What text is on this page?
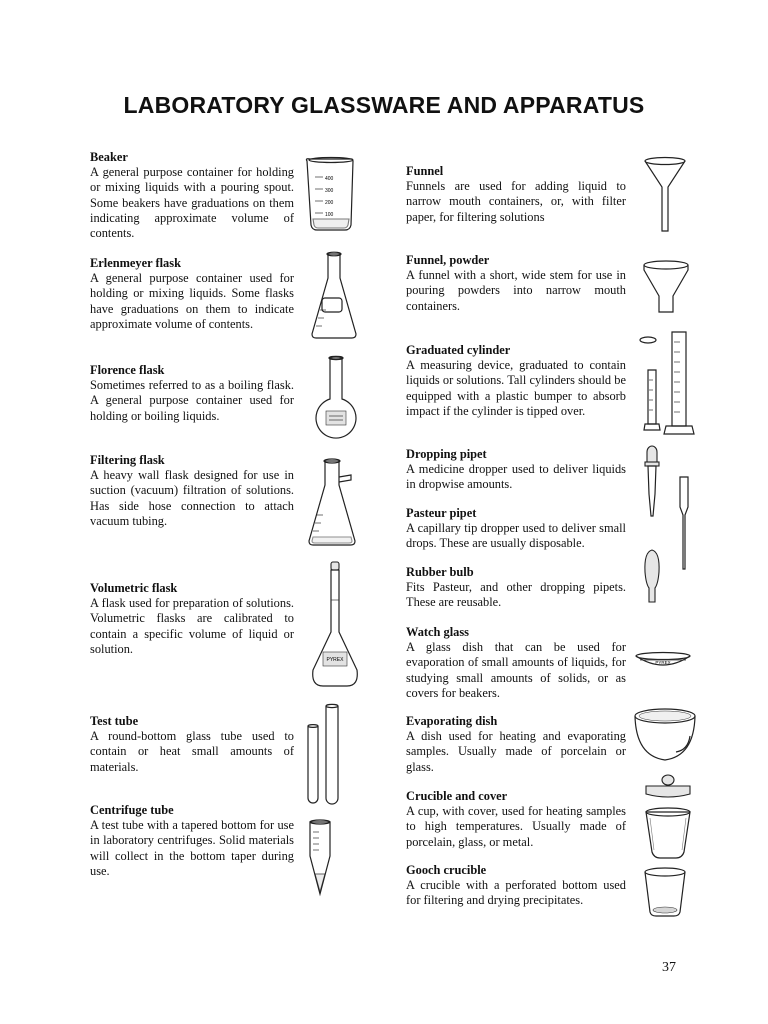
LABORATORY GLASSWARE AND APPARATUS
Beaker
A general purpose container for holding or mixing liquids with a pouring spout. Some beakers have graduations on them indicating approximate volume of contents.
Erlenmeyer flask
A general purpose container used for holding or mixing liquids. Some flasks have graduations on them to indicate approximate volume of contents.
Florence flask
Sometimes referred to as a boiling flask. A general purpose container used for holding or boiling liquids.
Filtering flask
A heavy wall flask designed for use in suction (vacuum) filtration of solutions. Has side hose connection to attach vacuum tubing.
Volumetric flask
A flask used for preparation of solutions. Volumetric flasks are calibrated to contain a specific volume of liquid or solution.
Test tube
A round-bottom glass tube used to contain or heat small amounts of materials.
Centrifuge tube
A test tube with a tapered bottom for use in laboratory centrifuges. Solid materials will collect in the bottom taper during use.
Funnel
Funnels are used for adding liquid to narrow mouth containers, or, with filter paper, for filtering solutions
Funnel, powder
A funnel with a short, wide stem for use in pouring powders into narrow mouth containers.
Graduated cylinder
A measuring device, graduated to contain liquids or solutions. Tall cylinders should be equipped with a plastic bumper to absorb impact if the cylinder is tipped over.
Dropping pipet
A medicine dropper used to deliver liquids in dropwise amounts.
Pasteur pipet
A capillary tip dropper used to deliver small drops. These are usually disposable.
Rubber bulb
Fits Pasteur, and other dropping pipets. These are reusable.
Watch glass
A glass dish that can be used for evaporation of small amounts of liquids, for studying small amounts of solids, or as covers for beakers.
Evaporating dish
A dish used for heating and evaporating samples. Usually made of porcelain or glass.
Crucible and cover
A cup, with cover, used for heating samples to high temperatures. Usually made of porcelain, glass, or metal.
Gooch crucible
A crucible with a perforated bottom used for filtering and drying precipitates.
400
300
200
100
PYREX	PYREX
37
